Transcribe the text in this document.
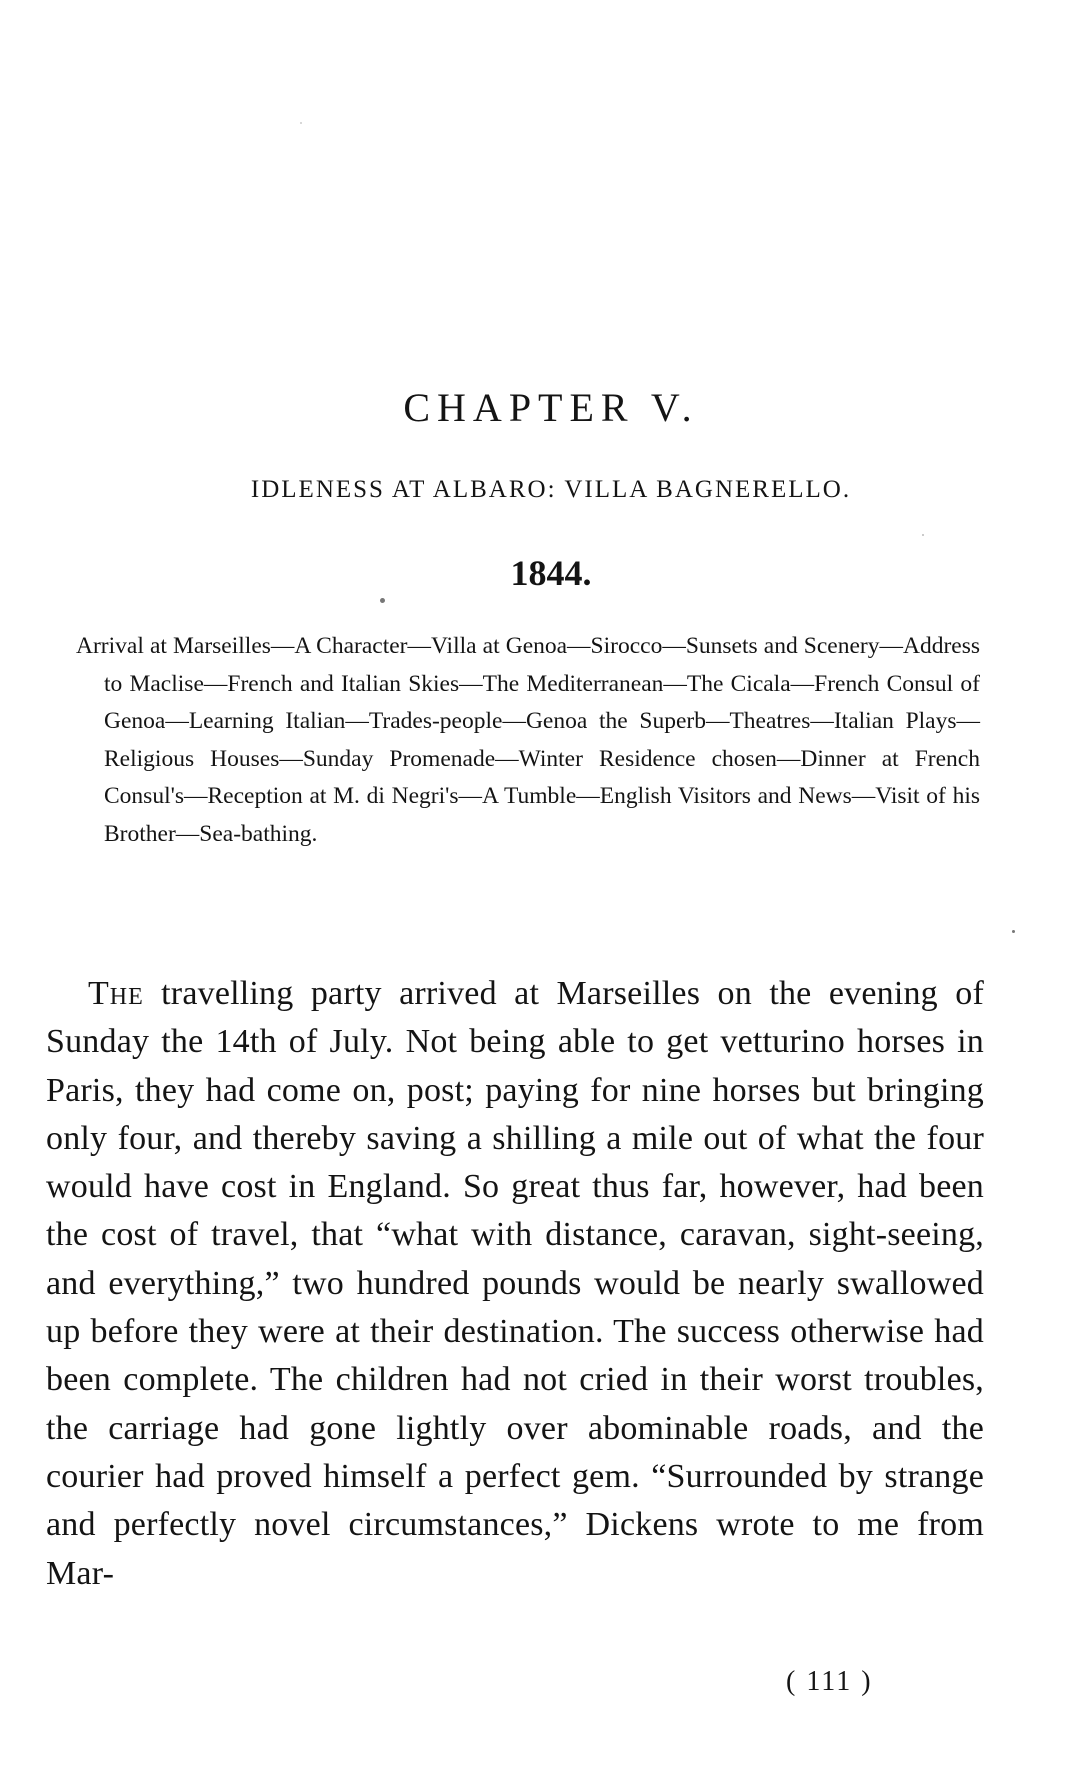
CHAPTER V.
IDLENESS AT ALBARO: VILLA BAGNERELLO.
1844.

Arrival at Marseilles—A Character—Villa at Genoa—Sirocco—Sunsets and Scenery—Address to Maclise—French and Italian Skies—The Mediterranean—The Cicala—French Consul of Genoa—Learning Italian—Trades-people—Genoa the Superb—Theatres—Italian Plays—Religious Houses—Sunday Promenade—Winter Residence chosen—Dinner at French Consul's—Reception at M. di Negri's—A Tumble—English Visitors and News—Visit of his Brother—Sea-bathing.

The travelling party arrived at Marseilles on the evening of Sunday the 14th of July. Not being able to get vetturino horses in Paris, they had come on, post; paying for nine horses but bringing only four, and thereby saving a shilling a mile out of what the four would have cost in England. So great thus far, however, had been the cost of travel, that “what with distance, caravan, sight-seeing, and everything,” two hundred pounds would be nearly swallowed up before they were at their destination. The success otherwise had been complete. The children had not cried in their worst troubles, the carriage had gone lightly over abominable roads, and the courier had proved himself a perfect gem. “Surrounded by strange and perfectly novel circumstances,” Dickens wrote to me from Mar-

( 111 )
